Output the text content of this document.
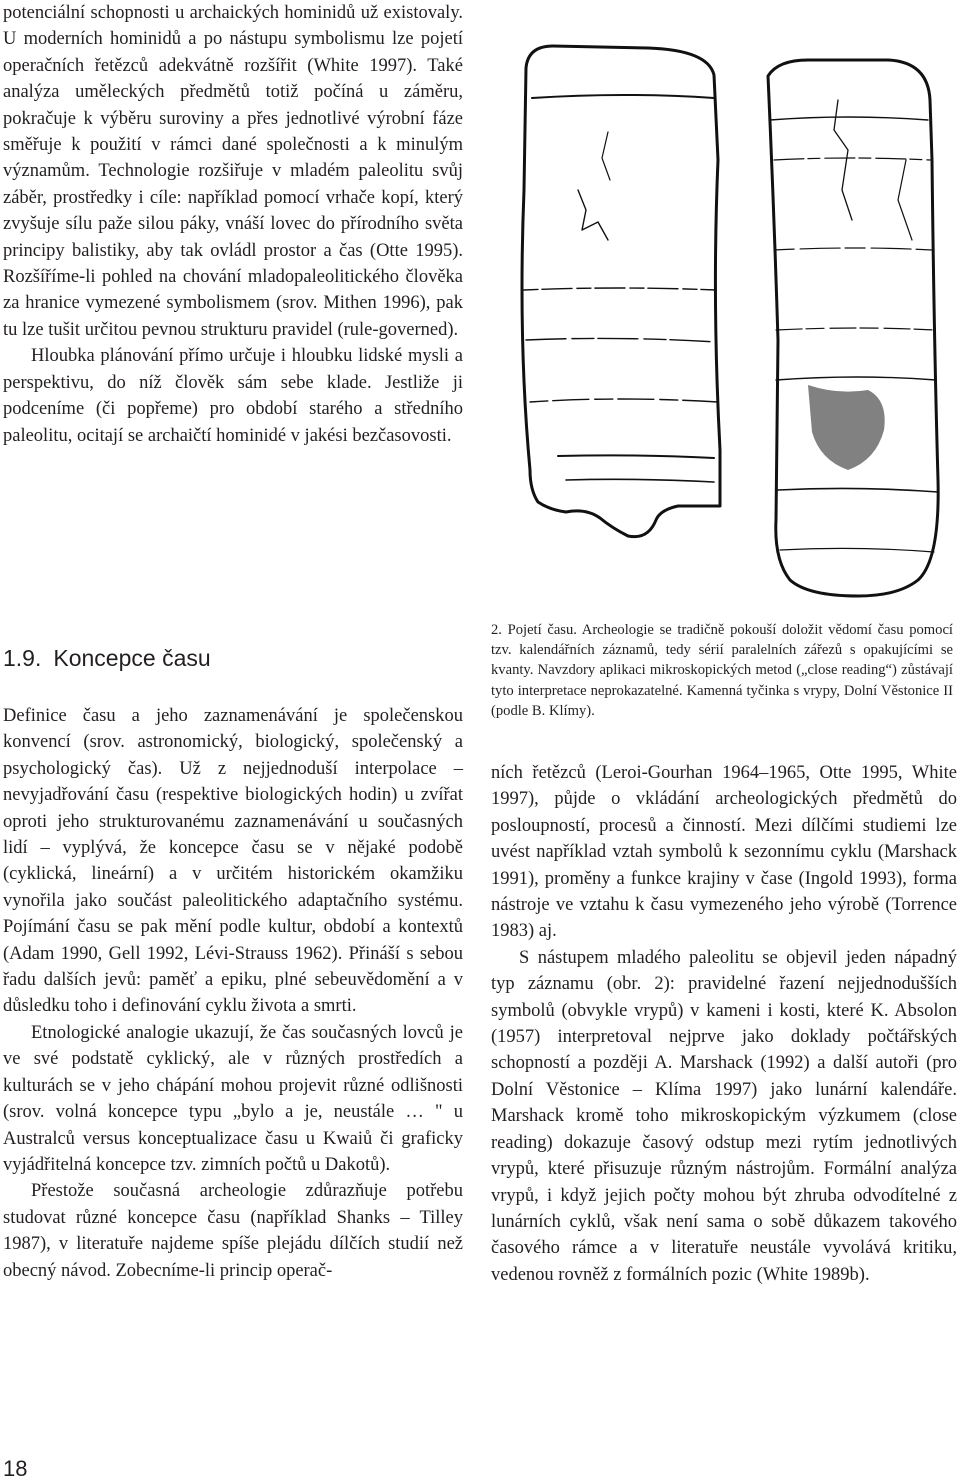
potenciální schopnosti u archaických hominidů už existovaly. U moderních hominidů a po nástupu symbolismu lze pojetí operačních řetězců adekvátně rozšířit (White 1997). Také analýza uměleckých předmětů totiž počíná u záměru, pokračuje k výběru suroviny a přes jednotlivé výrobní fáze směřuje k použití v rámci dané společnosti a k minulým významům. Technologie rozšiřuje v mladém paleolitu svůj záběr, prostředky i cíle: například pomocí vrhače kopí, který zvyšuje sílu paže silou páky, vnáší lovec do přírodního světa principy balistiky, aby tak ovládl prostor a čas (Otte 1995). Rozšíříme-li pohled na chování mladopaleolitického člověka za hranice vymezené symbolismem (srov. Mithen 1996), pak tu lze tušit určitou pevnou strukturu pravidel (rule-governed).

Hloubka plánování přímo určuje i hloubku lidské mysli a perspektivu, do níž člověk sám sebe klade. Jestliže ji podceníme (či popřeme) pro období starého a středního paleolitu, ocitají se archaičtí hominidé v jakési bezčasovosti.

1.9. Koncepce času

2. Pojetí času. Archeologie se tradičně pokouší doložit vědomí času pomocí tzv. kalendářních záznamů, tedy sérií paralelních zářezů s opakujícími se kvanty. Navzdory aplikaci mikroskopických metod („close reading“) zůstávají tyto interpretace neprokazatelné. Kamenná tyčinka s vrypy, Dolní Věstonice II (podle B. Klímy).

Definice času a jeho zaznamenávání je společenskou konvencí (srov. astronomický, biologický, společenský a psychologický čas). Už z nejjednoduší interpolace – nevyjadřování času (respektive biologických hodin) u zvířat oproti jeho strukturovanému zaznamenávání u současných lidí – vyplývá, že koncepce času se v nějaké podobě (cyklická, lineární) a v určitém historickém okamžiku vynořila jako součást paleolitického adaptačního systému. Pojímání času se pak mění podle kultur, období a kontextů (Adam 1990, Gell 1992, Lévi-Strauss 1962). Přináší s sebou řadu dalších jevů: paměť a epiku, plné sebeuvědomění a v důsledku toho i definování cyklu života a smrti.

Etnologické analogie ukazují, že čas současných lovců je ve své podstatě cyklický, ale v různých prostředích a kulturách se v jeho chápání mohou projevit různé odlišnosti (srov. volná koncepce typu „bylo a je, neustále … " u Australců versus konceptualizace času u Kwaiů či graficky vyjádřitelná koncepce tzv. zimních počtů u Dakotů).

Přestože současná archeologie zdůrazňuje potřebu studovat různé koncepce času (například Shanks – Tilley 1987), v literatuře najdeme spíše plejádu dílčích studií než obecný návod. Zobecníme-li princip operač-

ních řetězců (Leroi-Gourhan 1964–1965, Otte 1995, White 1997), půjde o vkládání archeologických předmětů do posloupností, procesů a činností. Mezi dílčími studiemi lze uvést například vztah symbolů k sezonnímu cyklu (Marshack 1991), proměny a funkce krajiny v čase (Ingold 1993), forma nástroje ve vztahu k času vymezeného jeho výrobě (Torrence 1983) aj.

S nástupem mladého paleolitu se objevil jeden nápadný typ záznamu (obr. 2): pravidelné řazení nejjednodušších symbolů (obvykle vrypů) v kameni i kosti, které K. Absolon (1957) interpretoval nejprve jako doklady počtářských schopností a později A. Marshack (1992) a další autoři (pro Dolní Věstonice – Klíma 1997) jako lunární kalendáře. Marshack kromě toho mikroskopickým výzkumem (close reading) dokazuje časový odstup mezi rytím jednotlivých vrypů, které přisuzuje různým nástrojům. Formální analýza vrypů, i když jejich počty mohou být zhruba odvodítelné z lunárních cyklů, však není sama o sobě důkazem takového časového rámce a v literatuře neustále vyvolává kritiku, vedenou rovněž z formálních pozic (White 1989b).

18
